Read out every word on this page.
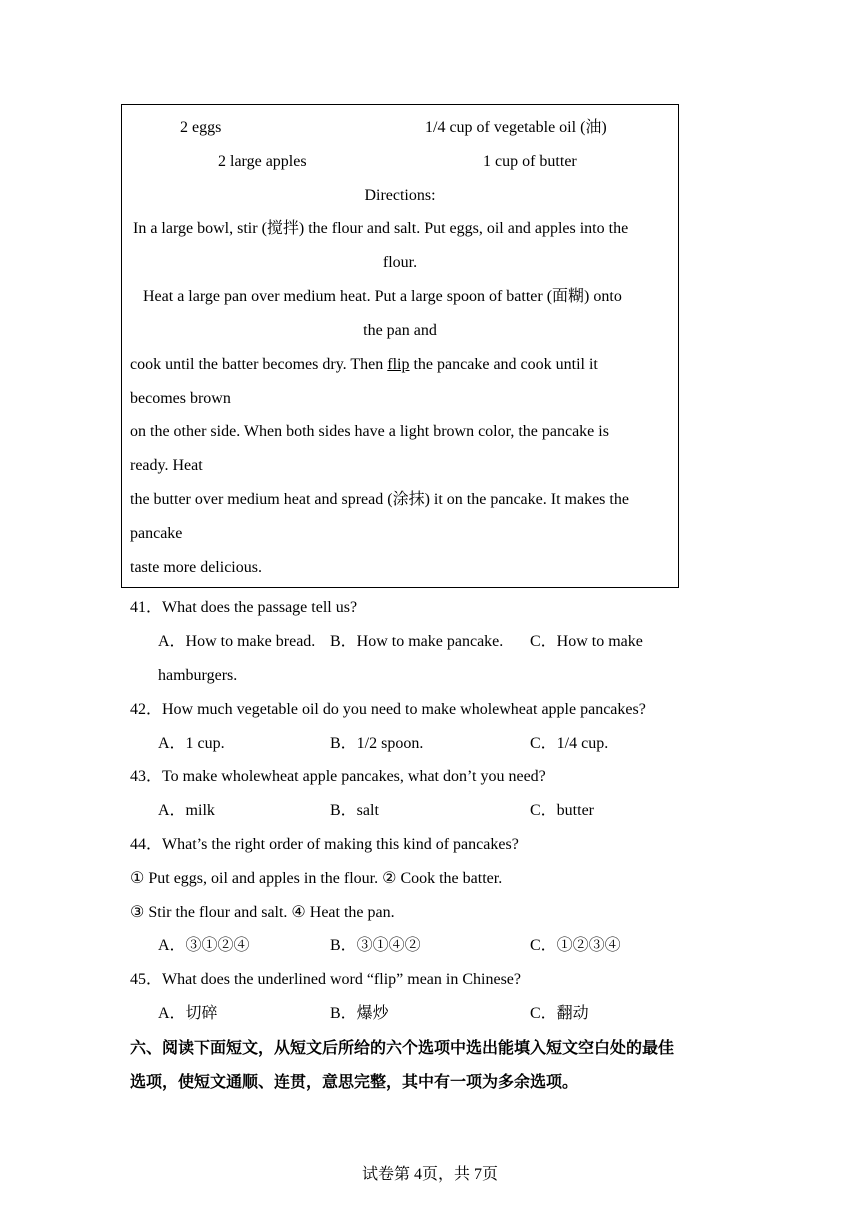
2 eggs	1/4 cup of vegetable oil (油)
2 large apples	1 cup of butter
Directions:
In a large bowl, stir (搅拌) the flour and salt. Put eggs, oil and apples into the
flour.
Heat a large pan over medium heat. Put a large spoon of batter (面糊) onto
the pan and
cook until the batter becomes dry. Then flip the pancake and cook until it
becomes brown
on the other side. When both sides have a light brown color, the pancake is
ready. Heat
the butter over medium heat and spread (涂抹) it on the pancake. It makes the
pancake
taste more delicious.
41．What does the passage tell us?
A．How to make bread. B．How to make pancake. C．How to make
hamburgers.
42．How much vegetable oil do you need to make wholewheat apple pancakes?
A．1 cup.	B．1/2 spoon.	C．1/4 cup.
43．To make wholewheat apple pancakes, what don’t you need?
A．milk	B．salt	C．butter
44．What’s the right order of making this kind of pancakes?
① Put eggs, oil and apples in the flour. ② Cook the batter.
③ Stir the flour and salt. ④ Heat the pan.
A．③①②④	B．③①④②	C．①②③④
45．What does the underlined word “flip” mean in Chinese?
A．切碎	B．爆炒	C．翻动
六、阅读下面短文，从短文后所给的六个选项中选出能填入短文空白处的最佳
选项，使短文通顺、连贯，意思完整，其中有一项为多余选项。
试卷第 4页，共 7页
